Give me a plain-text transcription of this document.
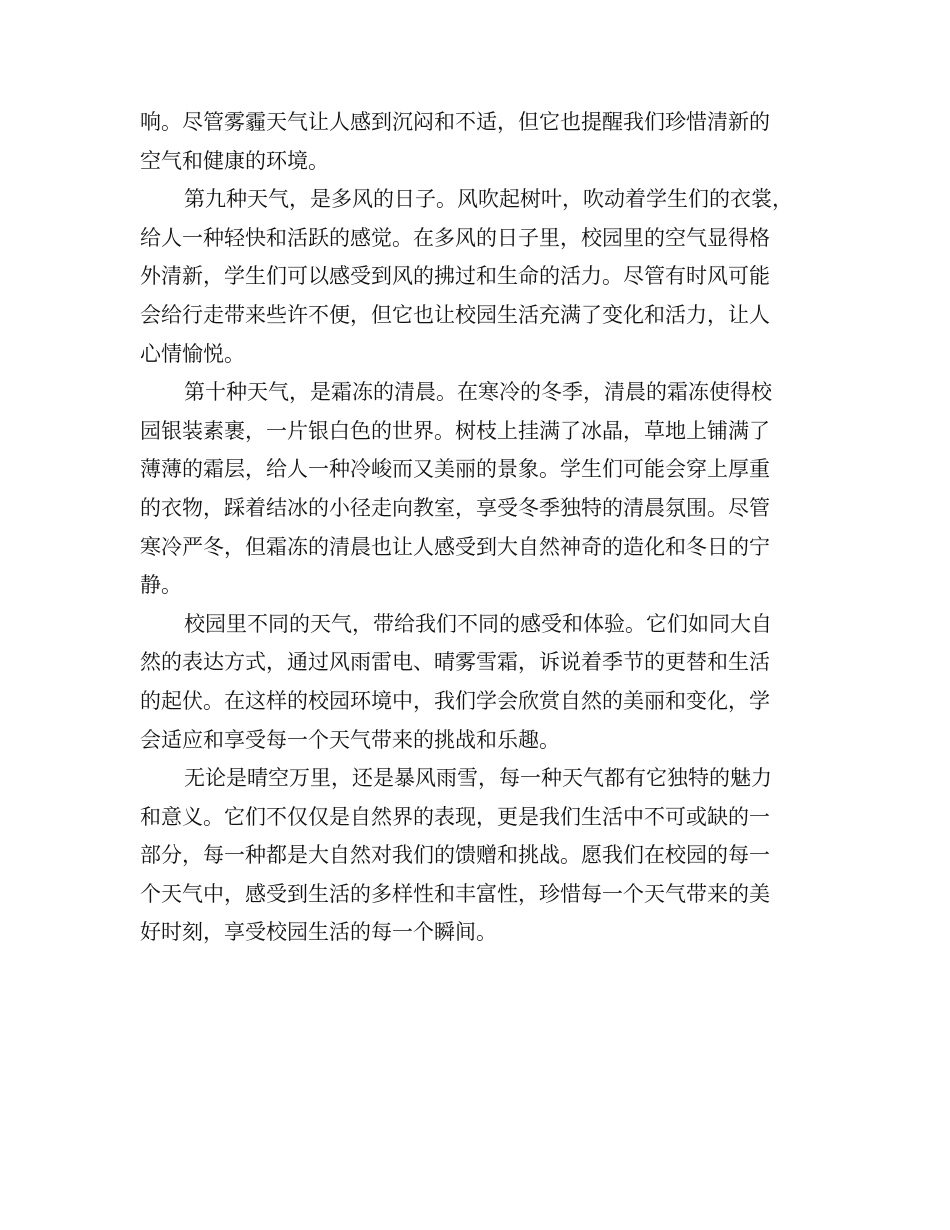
响。尽管雾霾天气让人感到沉闷和不适，但它也提醒我们珍惜清新的
空气和健康的环境。
第九种天气，是多风的日子。风吹起树叶，吹动着学生们的衣裳，
给人一种轻快和活跃的感觉。在多风的日子里，校园里的空气显得格
外清新，学生们可以感受到风的拂过和生命的活力。尽管有时风可能
会给行走带来些许不便，但它也让校园生活充满了变化和活力，让人
心情愉悦。
第十种天气，是霜冻的清晨。在寒冷的冬季，清晨的霜冻使得校
园银装素裹，一片银白色的世界。树枝上挂满了冰晶，草地上铺满了
薄薄的霜层，给人一种冷峻而又美丽的景象。学生们可能会穿上厚重
的衣物，踩着结冰的小径走向教室，享受冬季独特的清晨氛围。尽管
寒冷严冬，但霜冻的清晨也让人感受到大自然神奇的造化和冬日的宁
静。
校园里不同的天气，带给我们不同的感受和体验。它们如同大自
然的表达方式，通过风雨雷电、晴雾雪霜，诉说着季节的更替和生活
的起伏。在这样的校园环境中，我们学会欣赏自然的美丽和变化，学
会适应和享受每一个天气带来的挑战和乐趣。
无论是晴空万里，还是暴风雨雪，每一种天气都有它独特的魅力
和意义。它们不仅仅是自然界的表现，更是我们生活中不可或缺的一
部分，每一种都是大自然对我们的馈赠和挑战。愿我们在校园的每一
个天气中，感受到生活的多样性和丰富性，珍惜每一个天气带来的美
好时刻，享受校园生活的每一个瞬间。
